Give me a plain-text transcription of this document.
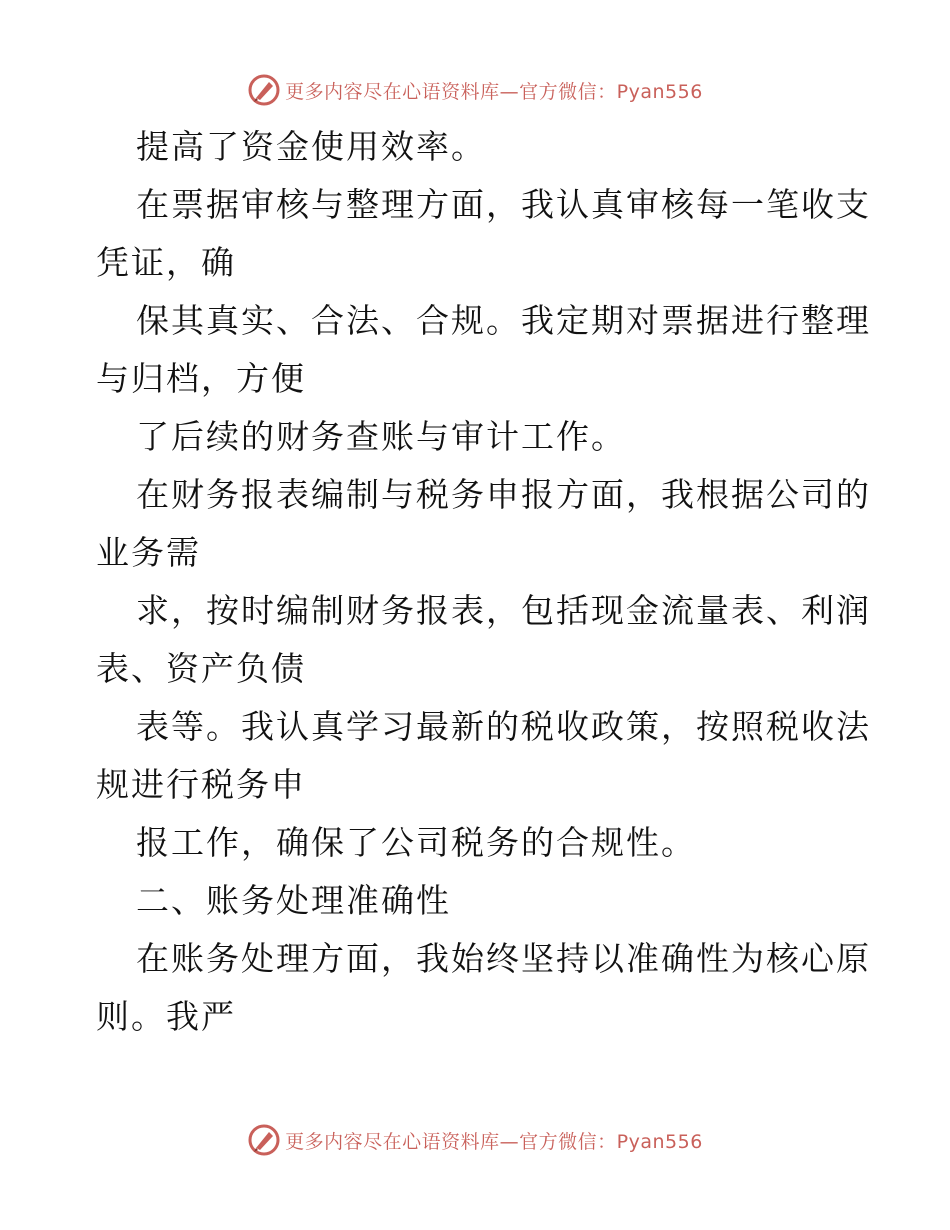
更多内容尽在心语资料库—官方微信：Pyan556
提高了资金使用效率。
在票据审核与整理方面，我认真审核每一笔收支
凭证，确
保其真实、合法、合规。我定期对票据进行整理
与归档，方便
了后续的财务查账与审计工作。
在财务报表编制与税务申报方面，我根据公司的
业务需
求，按时编制财务报表，包括现金流量表、利润
表、资产负债
表等。我认真学习最新的税收政策，按照税收法
规进行税务申
报工作，确保了公司税务的合规性。
二、账务处理准确性
在账务处理方面，我始终坚持以准确性为核心原
则。我严
更多内容尽在心语资料库—官方微信：Pyan556
